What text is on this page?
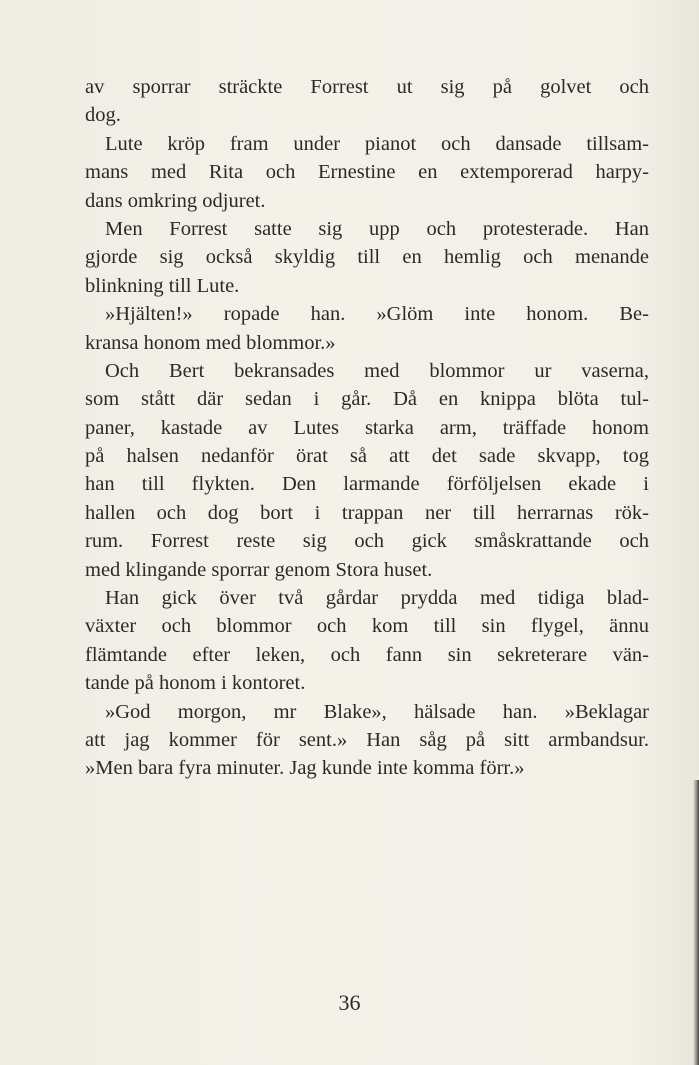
av sporrar sträckte Forrest ut sig på golvet och
dog.
Lute kröp fram under pianot och dansade tillsam-
mans med Rita och Ernestine en extemporerad harpy-
dans omkring odjuret.
Men Forrest satte sig upp och protesterade. Han
gjorde sig också skyldig till en hemlig och menande
blinkning till Lute.
»Hjälten!» ropade han. »Glöm inte honom. Be-
kransa honom med blommor.»
Och Bert bekransades med blommor ur vaserna,
som stått där sedan i går. Då en knippa blöta tul-
paner, kastade av Lutes starka arm, träffade honom
på halsen nedanför örat så att det sade skvapp, tog
han till flykten. Den larmande förföljelsen ekade i
hallen och dog bort i trappan ner till herrarnas rök-
rum. Forrest reste sig och gick småskrattande och
med klingande sporrar genom Stora huset.
Han gick över två gårdar prydda med tidiga blad-
växter och blommor och kom till sin flygel, ännu
flämtande efter leken, och fann sin sekreterare vän-
tande på honom i kontoret.
»God morgon, mr Blake», hälsade han. »Beklagar
att jag kommer för sent.» Han såg på sitt armbandsur.
»Men bara fyra minuter. Jag kunde inte komma förr.»
36
